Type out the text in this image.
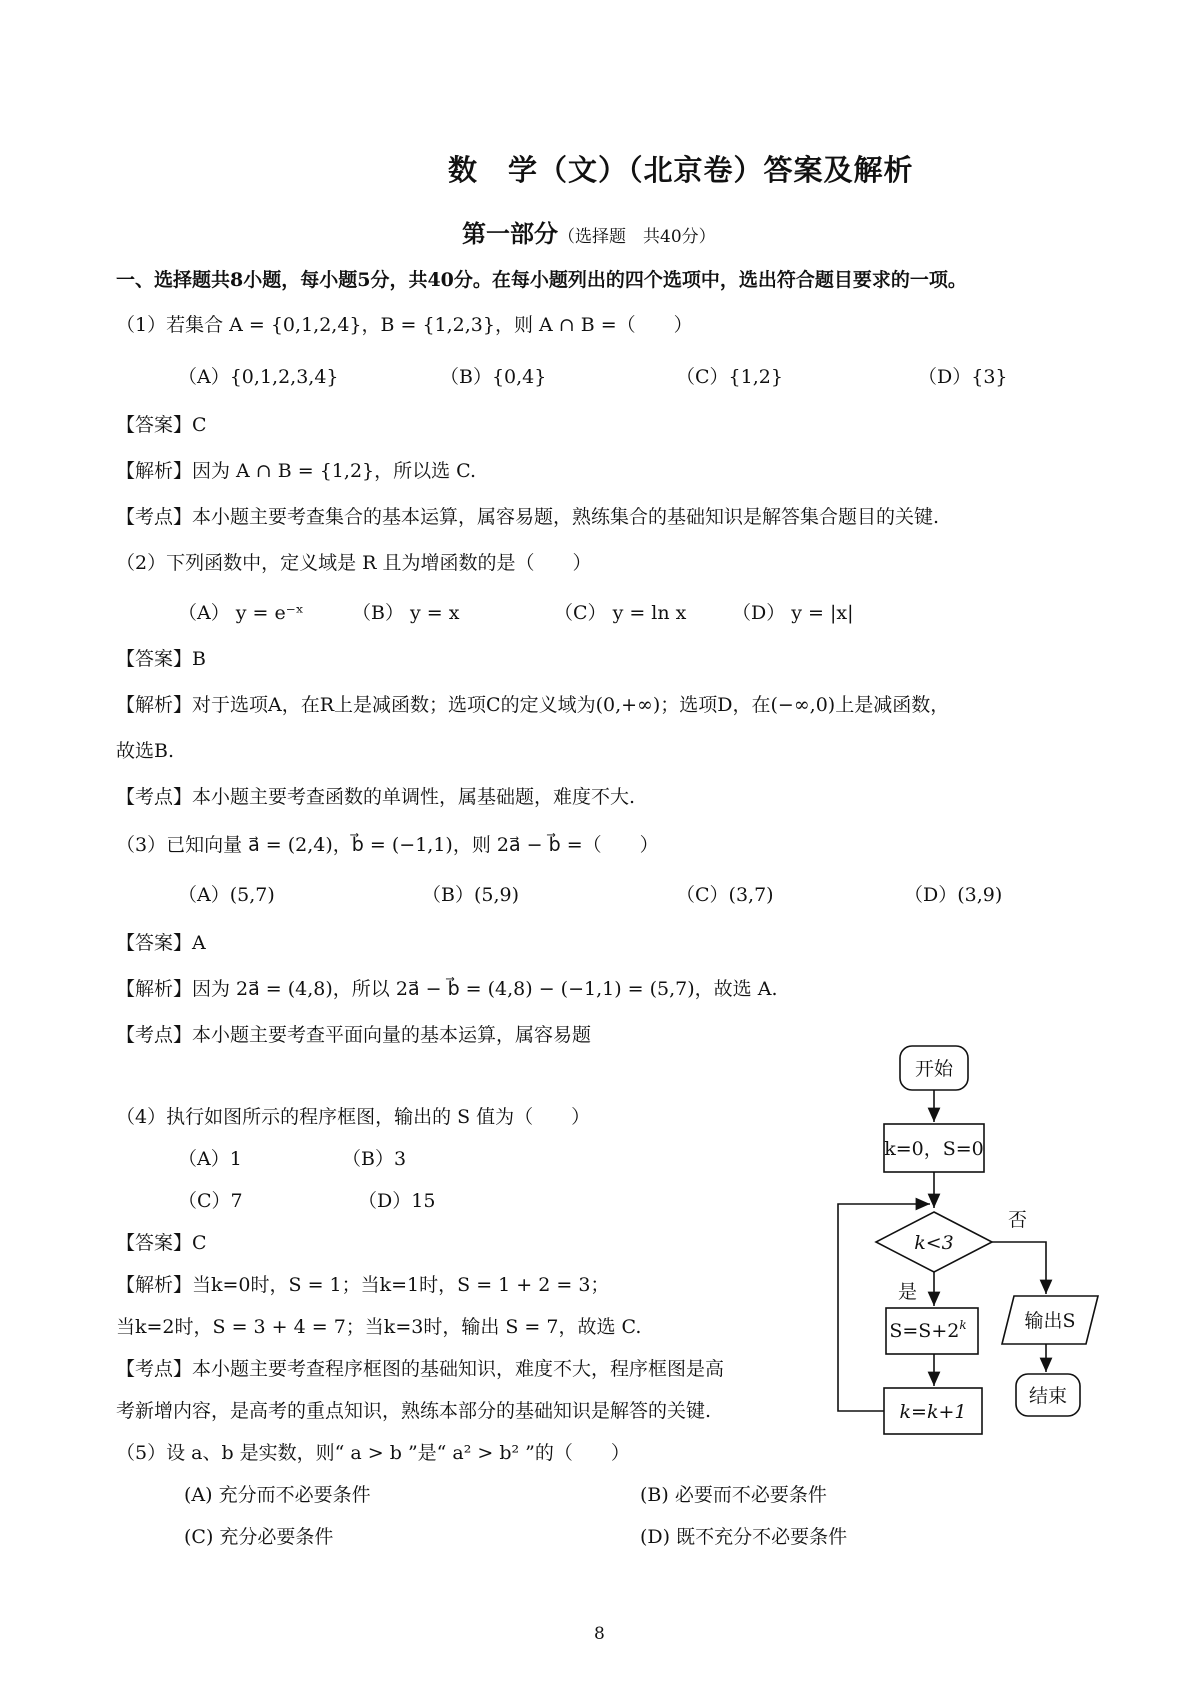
数　学（文）（北京卷）答案及解析
第一部分（选择题　共40分）
一、选择题共8小题，每小题5分，共40分。在每小题列出的四个选项中，选出符合题目要求的一项。
（1）若集合 A = {0,1,2,4}，B = {1,2,3}，则 A ∩ B =（　　）
（A）{0,1,2,3,4}	（B）{0,4}	（C）{1,2}	（D）{3}
【答案】C
【解析】因为 A ∩ B = {1,2}，所以选 C.
【考点】本小题主要考查集合的基本运算，属容易题，熟练集合的基础知识是解答集合题目的关键.
（2）下列函数中，定义域是 R 且为增函数的是（　　）
（A） y = e⁻ˣ	（B） y = x	（C） y = ln x （D） y = |x|
【答案】B
【解析】对于选项A，在R上是减函数；选项C的定义域为(0,+∞)；选项D，在(−∞,0)上是减函数，
故选B.
【考点】本小题主要考查函数的单调性，属基础题，难度不大.
（3）已知向量 a⃗ = (2,4)，b⃗ = (−1,1)，则 2a⃗ − b⃗ =（　　）
（A）(5,7)	（B）(5,9)	（C）(3,7)	（D）(3,9)
【答案】A
【解析】因为 2a⃗ = (4,8)，所以 2a⃗ − b⃗ = (4,8) − (−1,1) = (5,7)，故选 A.
【考点】本小题主要考查平面向量的基本运算，属容易题
（4）执行如图所示的程序框图，输出的 S 值为（　　）
（A）1	（B）3
（C）7	（D）15
【答案】C
【解析】当k=0时，S = 1；当k=1时，S = 1 + 2 = 3；
当k=2时，S = 3 + 4 = 7；当k=3时，输出 S = 7，故选 C.
【考点】本小题主要考查程序框图的基础知识，难度不大，程序框图是高
考新增内容，是高考的重点知识，熟练本部分的基础知识是解答的关键.
开始
k=0，S=0
k<3
否
输出S
结束
是
$S=S+2^k$
k=k+1
（5）设 a、b 是实数，则“ a > b ”是“ a² > b² ”的（　　）
(A) 充分而不必要条件	(B) 必要而不必要条件
(C) 充分必要条件	(D) 既不充分不必要条件
8
